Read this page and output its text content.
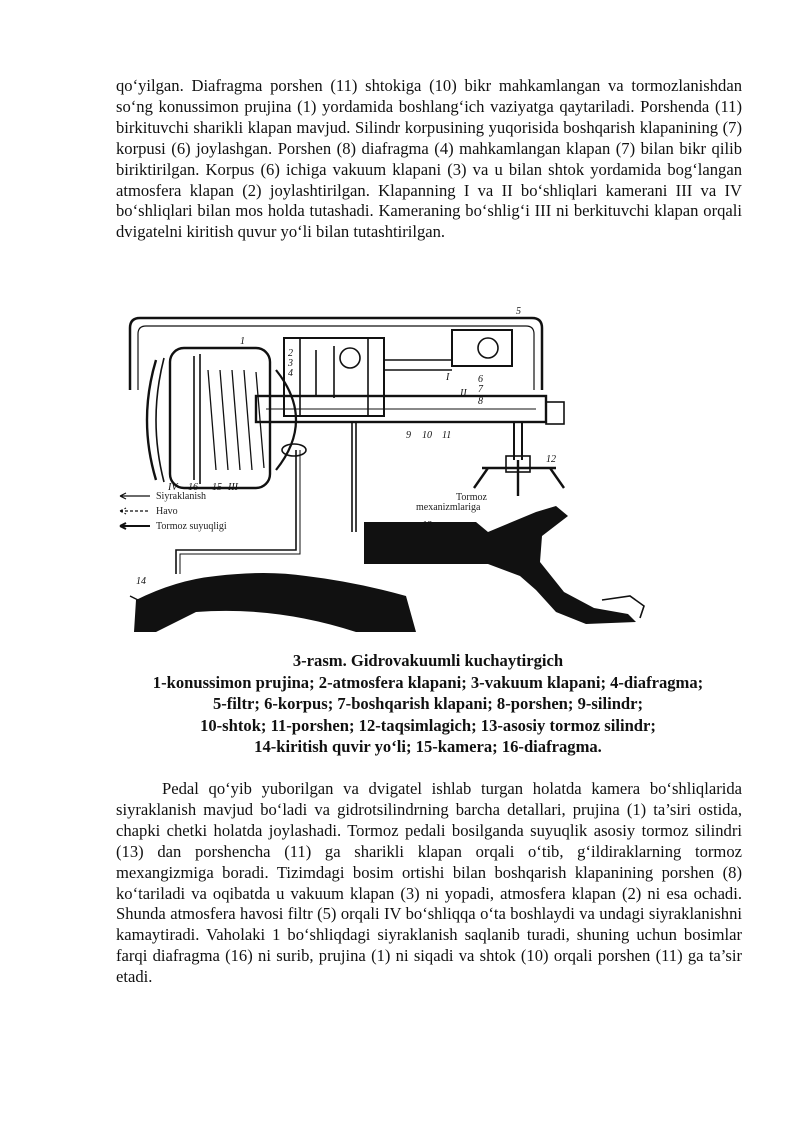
qo‘yilgan. Diafragma porshen (11) shtokiga (10) bikr mahkamlangan va tormozlanishdan so‘ng konussimon prujina (1) yordamida boshlang‘ich vaziyatga qaytariladi. Porshenda (11) birkituvchi sharikli klapan mavjud. Silindr korpusining yuqorisida boshqarish klapanining (7) korpusi (6) joylashgan. Porshen (8) diafragma (4) mahkamlangan klapan (7) bilan bikr qilib biriktirilgan. Korpus (6) ichiga vakuum klapani (3) va u bilan shtok yordamida bog‘langan atmosfera klapan (2) joylashtirilgan. Klapanning I va II bo‘shliqlari kamerani III va IV bo‘shliqlari bilan mos holda tutashadi. Kameraning bo‘shlig‘i III ni berkituvchi klapan orqali dvigatelni kiritish quvur yo‘li bilan tutashtirilgan.

Siyraklanish
Havo
Tormoz suyuqligi
Tormoz
mexanizmlariga
1
2
3
4
5
6
7
8
9 10 11
12
13
14
15
16
I
II
III
IV
3-rasm. Gidrovakuumli kuchaytirgich
1-konussimon prujina; 2-atmosfera klapani; 3-vakuum klapani; 4-diafragma;
5-filtr; 6-korpus; 7-boshqarish klapani; 8-porshen; 9-silindr;
10-shtok; 11-porshen; 12-taqsimlagich; 13-asosiy tormoz silindr;
14-kiritish quvir yo‘li; 15-kamera; 16-diafragma.

Pedal qo‘yib yuborilgan va dvigatel ishlab turgan holatda kamera bo‘shliqlarida siyraklanish mavjud bo‘ladi va gidrotsilindrning barcha detallari, prujina (1) ta’siri ostida, chapki chetki holatda joylashadi. Tormoz pedali bosilganda suyuqlik asosiy tormoz silindri (13) dan porshencha (11) ga sharikli klapan orqali o‘tib, g‘ildiraklarning tormoz mexangizmiga boradi. Tizimdagi bosim ortishi bilan boshqarish klapanining porshen (8) ko‘tariladi va oqibatda u vakuum klapan (3) ni yopadi, atmosfera klapan (2) ni esa ochadi. Shunda atmosfera havosi filtr (5) orqali IV bo‘shliqqa o‘ta boshlaydi va undagi siyraklanishni kamaytiradi. Vaholaki 1 bo‘shliqdagi siyraklanish saqlanib turadi, shuning uchun bosimlar farqi diafragma (16) ni surib, prujina (1) ni siqadi va shtok (10) orqali porshen (11) ga ta’sir etadi.
